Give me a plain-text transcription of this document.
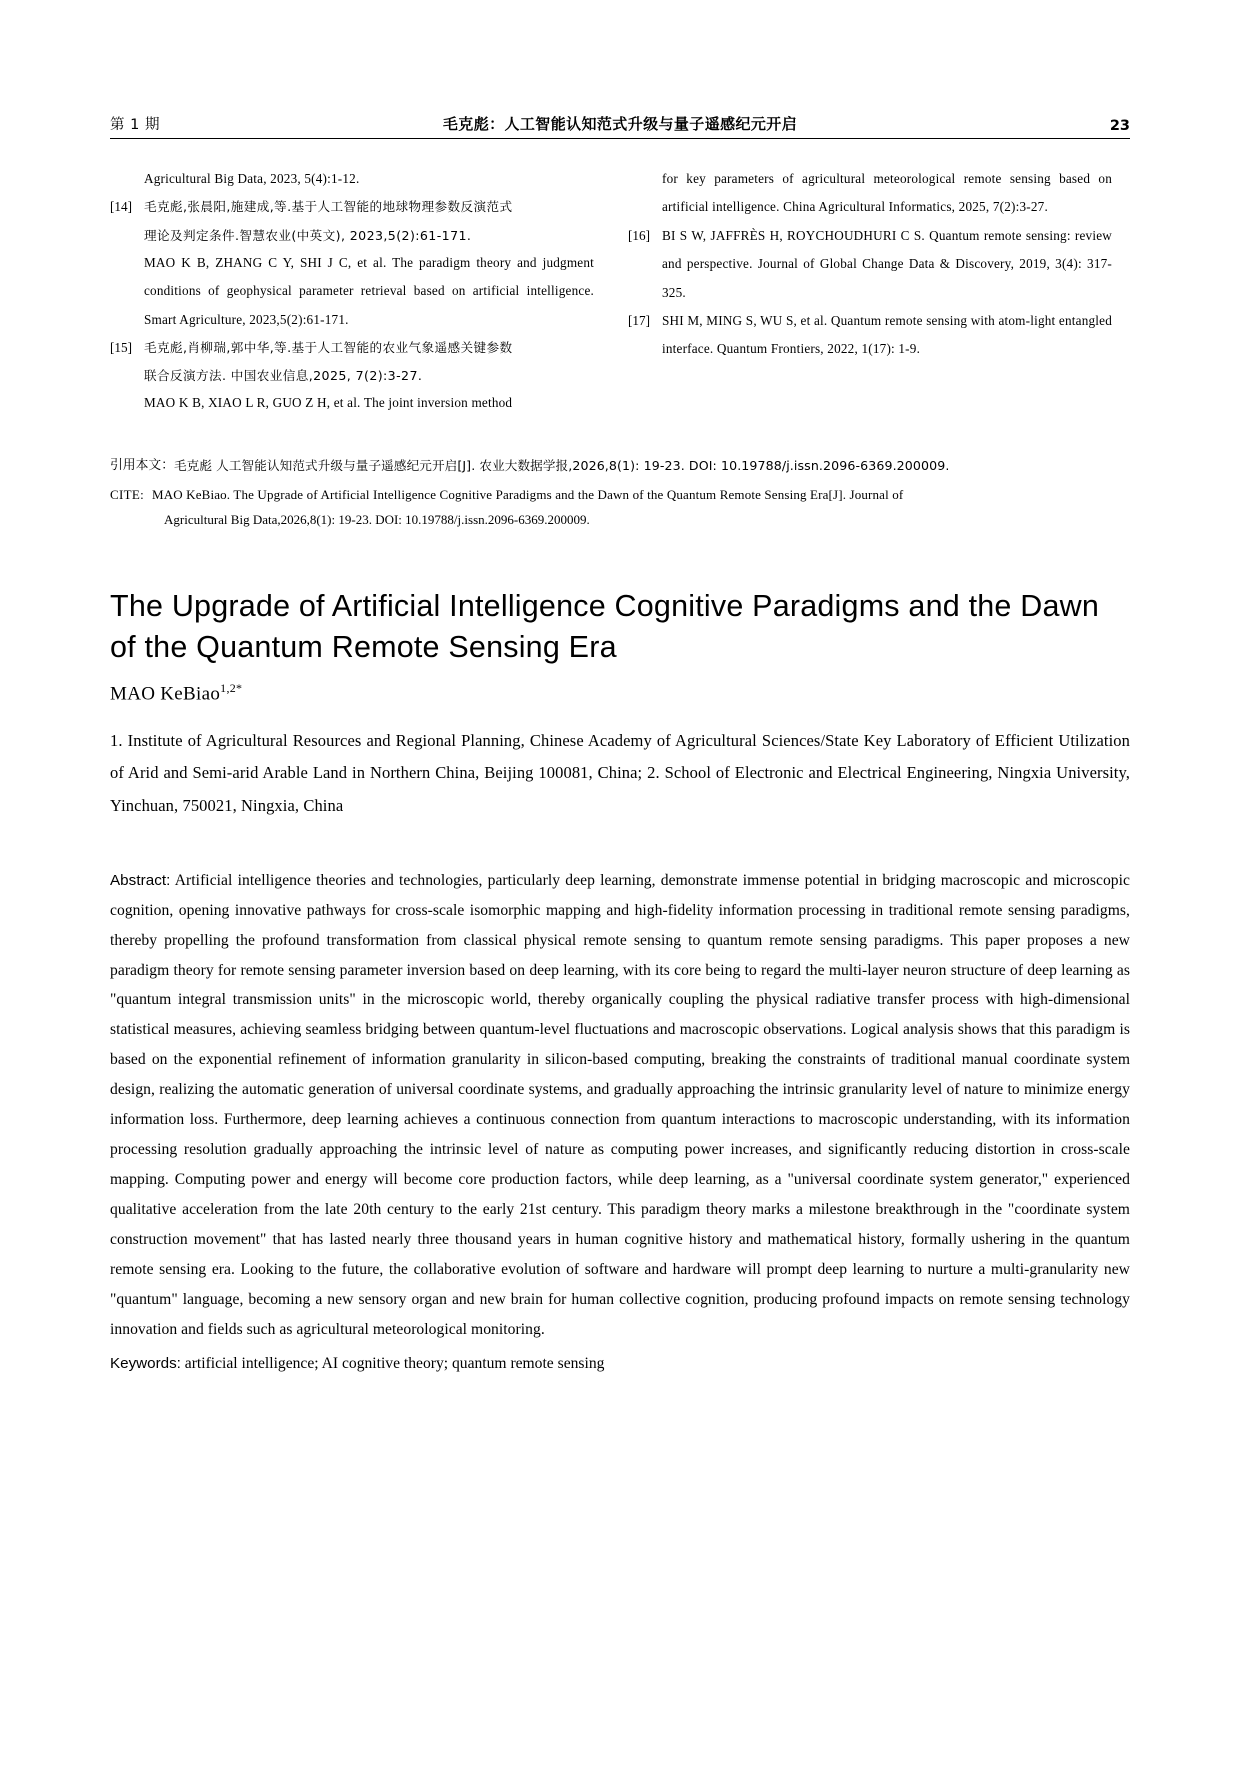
第 1 期	毛克彪：人工智能认知范式升级与量子遥感纪元开启	23
Agricultural Big Data, 2023, 5(4):1-12.
[14] 毛克彪,张晨阳,施建成,等.基于人工智能的地球物理参数反演范式
理论及判定条件.智慧农业(中英文), 2023,5(2):61-171.
MAO K B, ZHANG C Y, SHI J C, et al. The paradigm theory and judgment conditions of geophysical parameter retrieval based on artificial intelligence. Smart Agriculture, 2023,5(2):61-171.
[15] 毛克彪,肖柳瑞,郭中华,等.基于人工智能的农业气象遥感关键参数
联合反演方法. 中国农业信息,2025, 7(2):3-27.
MAO K B, XIAO L R, GUO Z H, et al. The joint inversion method
for key parameters of agricultural meteorological remote sensing based on artificial intelligence. China Agricultural Informatics, 2025, 7(2):3-27.
[16] BI S W, JAFFRÈS H, ROYCHOUDHURI C S. Quantum remote sensing: review and perspective. Journal of Global Change Data & Discovery, 2019, 3(4): 317-325.
[17] SHI M, MING S, WU S, et al. Quantum remote sensing with atom-light entangled interface. Quantum Frontiers, 2022, 1(17): 1-9.
引用本文： 毛克彪 人工智能认知范式升级与量子遥感纪元开启[J]. 农业大数据学报,2026,8(1): 19-23. DOI: 10.19788/j.issn.2096-6369.200009.
CITE: MAO KeBiao. The Upgrade of Artificial Intelligence Cognitive Paradigms and the Dawn of the Quantum Remote Sensing Era[J]. Journal of
Agricultural Big Data,2026,8(1): 19-23. DOI: 10.19788/j.issn.2096-6369.200009.
The Upgrade of Artificial Intelligence Cognitive Paradigms and the Dawn of the Quantum Remote Sensing Era
MAO KeBiao$^{1,2*}$
1. Institute of Agricultural Resources and Regional Planning, Chinese Academy of Agricultural Sciences/State Key Laboratory of Efficient Utilization of Arid and Semi-arid Arable Land in Northern China, Beijing 100081, China; 2. School of Electronic and Electrical Engineering, Ningxia University, Yinchuan, 750021, Ningxia, China
Abstract: Artificial intelligence theories and technologies, particularly deep learning, demonstrate immense potential in bridging macroscopic and microscopic cognition, opening innovative pathways for cross-scale isomorphic mapping and high-fidelity information processing in traditional remote sensing paradigms, thereby propelling the profound transformation from classical physical remote sensing to quantum remote sensing paradigms. This paper proposes a new paradigm theory for remote sensing parameter inversion based on deep learning, with its core being to regard the multi-layer neuron structure of deep learning as "quantum integral transmission units" in the microscopic world, thereby organically coupling the physical radiative transfer process with high-dimensional statistical measures, achieving seamless bridging between quantum-level fluctuations and macroscopic observations. Logical analysis shows that this paradigm is based on the exponential refinement of information granularity in silicon-based computing, breaking the constraints of traditional manual coordinate system design, realizing the automatic generation of universal coordinate systems, and gradually approaching the intrinsic granularity level of nature to minimize energy information loss. Furthermore, deep learning achieves a continuous connection from quantum interactions to macroscopic understanding, with its information processing resolution gradually approaching the intrinsic level of nature as computing power increases, and significantly reducing distortion in cross-scale mapping. Computing power and energy will become core production factors, while deep learning, as a "universal coordinate system generator," experienced qualitative acceleration from the late 20th century to the early 21st century. This paradigm theory marks a milestone breakthrough in the "coordinate system construction movement" that has lasted nearly three thousand years in human cognitive history and mathematical history, formally ushering in the quantum remote sensing era. Looking to the future, the collaborative evolution of software and hardware will prompt deep learning to nurture a multi-granularity new "quantum" language, becoming a new sensory organ and new brain for human collective cognition, producing profound impacts on remote sensing technology innovation and fields such as agricultural meteorological monitoring.
Keywords: artificial intelligence; AI cognitive theory; quantum remote sensing
